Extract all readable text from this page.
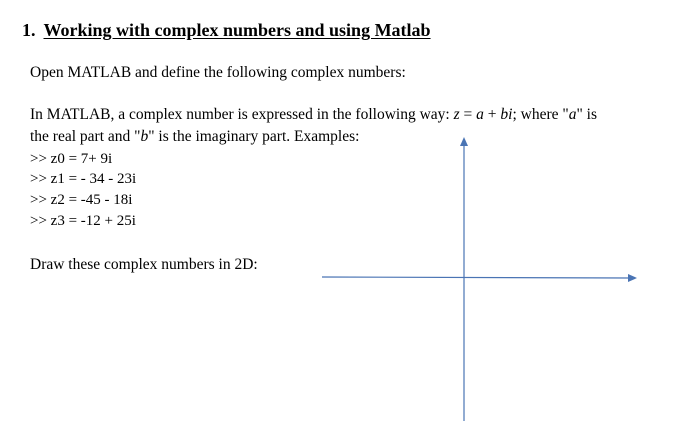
1. Working with complex numbers and using Matlab

Open MATLAB and define the following complex numbers:

In MATLAB, a complex number is expressed in the following way: z = a + bi; where "a" is

the real part and "b" is the imaginary part. Examples:

>> z0 = 7+ 9i

>> z1 = - 34 - 23i

>> z2 = -45 - 18i

>> z3 = -12 + 25i

Draw these complex numbers in 2D:
